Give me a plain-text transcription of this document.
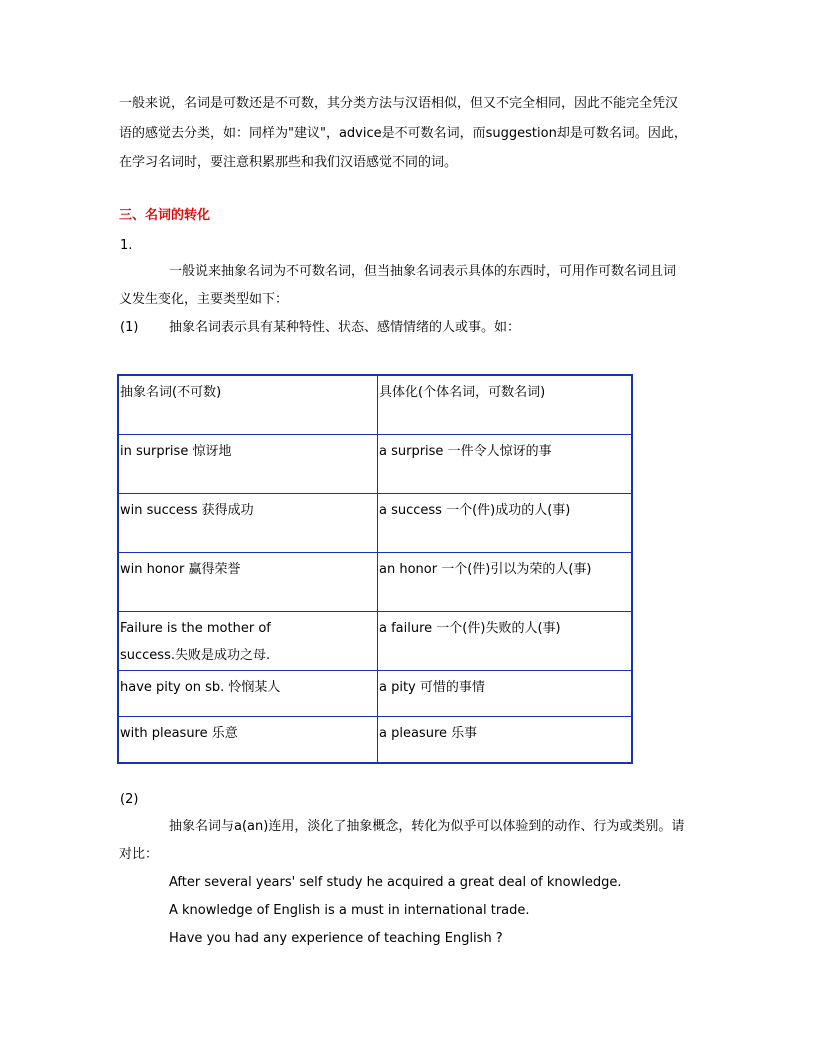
一般来说，名词是可数还是不可数，其分类方法与汉语相似，但又不完全相同，因此不能完全凭汉
语的感觉去分类，如：同样为"建议"，advice是不可数名词，而suggestion却是可数名词。因此，
在学习名词时，要注意积累那些和我们汉语感觉不同的词。
三、名词的转化
1.
一般说来抽象名词为不可数名词，但当抽象名词表示具体的东西时，可用作可数名词且词
义发生变化，主要类型如下：
(1) 抽象名词表示具有某种特性、状态、感情情绪的人或事。如：
抽象名词(不可数)	具体化(个体名词，可数名词)
in surprise 惊讶地	a surprise 一件令人惊讶的事
win success 获得成功	a success 一个(件)成功的人(事)
win honor 赢得荣誉	an honor 一个(件)引以为荣的人(事)

Failure is the mother of
success.失败是成功之母.	a failure 一个(件)失败的人(事)
have pity on sb. 怜悯某人	a pity 可惜的事情
with pleasure 乐意	a pleasure 乐事
(2)
抽象名词与a(an)连用，淡化了抽象概念，转化为似乎可以体验到的动作、行为或类别。请
对比：
After several years' self study he acquired a great deal of knowledge.
A knowledge of English is a must in international trade.
Have you had any experience of teaching English ?
